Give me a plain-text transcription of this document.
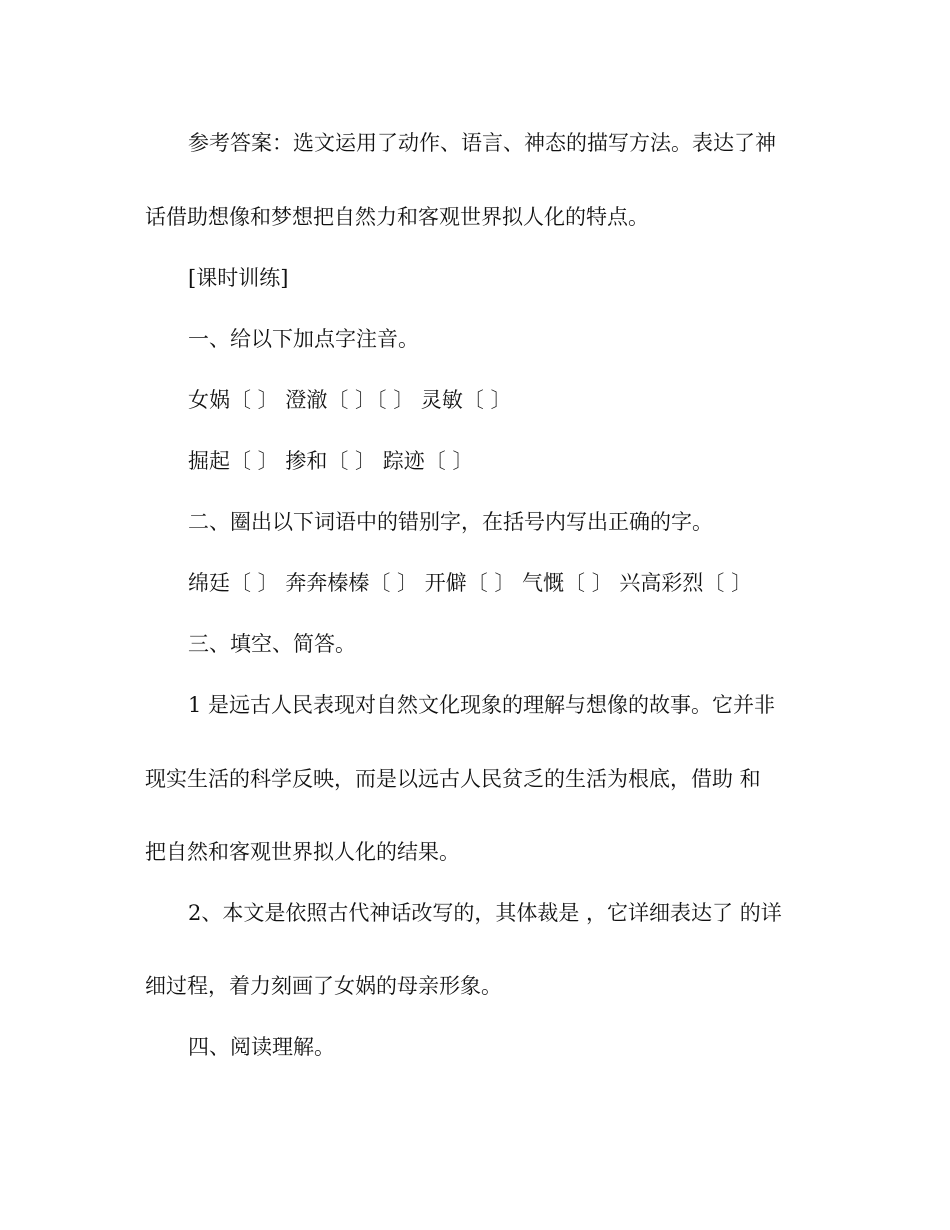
参考答案：选文运用了动作、语言、神态的描写方法。表达了神
话借助想像和梦想把自然力和客观世界拟人化的特点。
[课时训练]
一、给以下加点字注音。
女娲〔 〕 澄澈〔 〕〔 〕 灵敏〔 〕
掘起〔 〕 掺和〔 〕 踪迹〔 〕
二、圈出以下词语中的错别字，在括号内写出正确的字。
绵廷〔 〕 奔奔榛榛〔 〕 开僻〔 〕 气慨〔 〕 兴高彩烈〔 〕
三、填空、简答。
1 是远古人民表现对自然文化现象的理解与想像的故事。它并非
现实生活的科学反映，而是以远古人民贫乏的生活为根底，借助 和
把自然和客观世界拟人化的结果。
2、本文是依照古代神话改写的，其体裁是 ，它详细表达了 的详
细过程，着力刻画了女娲的母亲形象。
四、阅读理解。
